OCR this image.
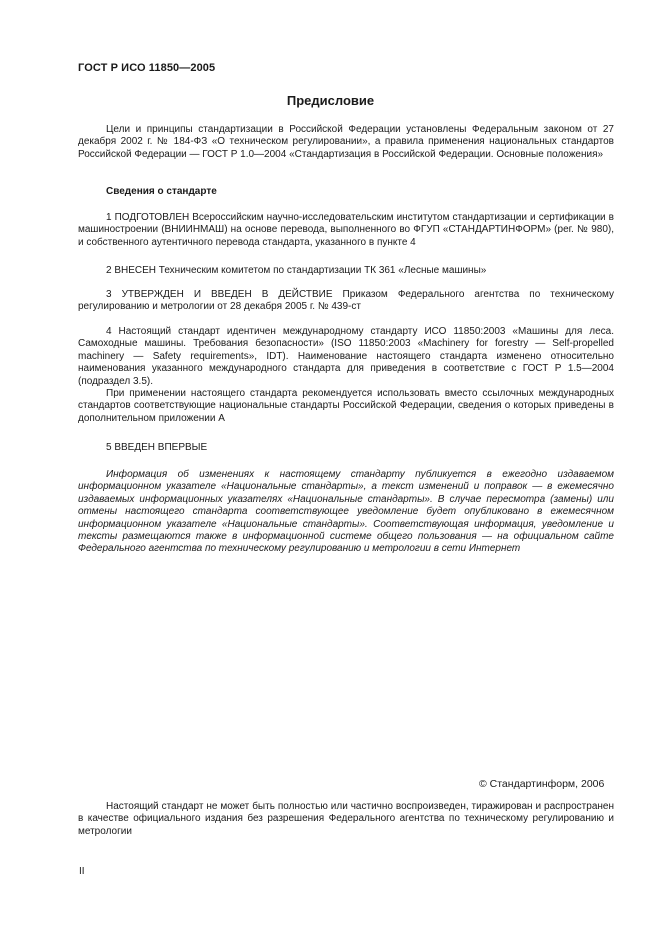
ГОСТ Р ИСО 11850—2005
Предисловие

Цели и принципы стандартизации в Российской Федерации установлены Федеральным законом от 27 декабря 2002 г. № 184-ФЗ «О техническом регулировании», а правила применения национальных стандартов Российской Федерации — ГОСТ Р 1.0—2004 «Стандартизация в Российской Федерации. Основные положения»

Сведения о стандарте

1 ПОДГОТОВЛЕН Всероссийским научно-исследовательским институтом стандартизации и сертификации в машиностроении (ВНИИНМАШ) на основе перевода, выполненного во ФГУП «СТАНДАРТИНФОРМ» (рег. № 980), и собственного аутентичного перевода стандарта, указанного в пункте 4

2 ВНЕСЕН Техническим комитетом по стандартизации ТК 361 «Лесные машины»

3 УТВЕРЖДЕН И ВВЕДЕН В ДЕЙСТВИЕ Приказом Федерального агентства по техническому регулированию и метрологии от 28 декабря 2005 г. № 439-ст

4 Настоящий стандарт идентичен международному стандарту ИСО 11850:2003 «Машины для леса. Самоходные машины. Требования безопасности» (ISO 11850:2003 «Machinery for forestry — Self-propelled machinery — Safety requirements», IDT). Наименование настоящего стандарта изменено относительно наименования указанного международного стандарта для приведения в соответствие с ГОСТ Р 1.5—2004 (подраздел 3.5).

При применении настоящего стандарта рекомендуется использовать вместо ссылочных международных стандартов соответствующие национальные стандарты Российской Федерации, сведения о которых приведены в дополнительном приложении А

5 ВВЕДЕН ВПЕРВЫЕ

Информация об изменениях к настоящему стандарту публикуется в ежегодно издаваемом информационном указателе «Национальные стандарты», а текст изменений и поправок — в ежемесячно издаваемых информационных указателях «Национальные стандарты». В случае пересмотра (замены) или отмены настоящего стандарта соответствующее уведомление будет опубликовано в ежемесячном информационном указателе «Национальные стандарты». Соответствующая информация, уведомление и тексты размещаются также в информационной системе общего пользования — на официальном сайте Федерального агентства по техническому регулированию и метрологии в сети Интернет

© Стандартинформ, 2006

Настоящий стандарт не может быть полностью или частично воспроизведен, тиражирован и распространен в качестве официального издания без разрешения Федерального агентства по техническому регулированию и метрологии

II
